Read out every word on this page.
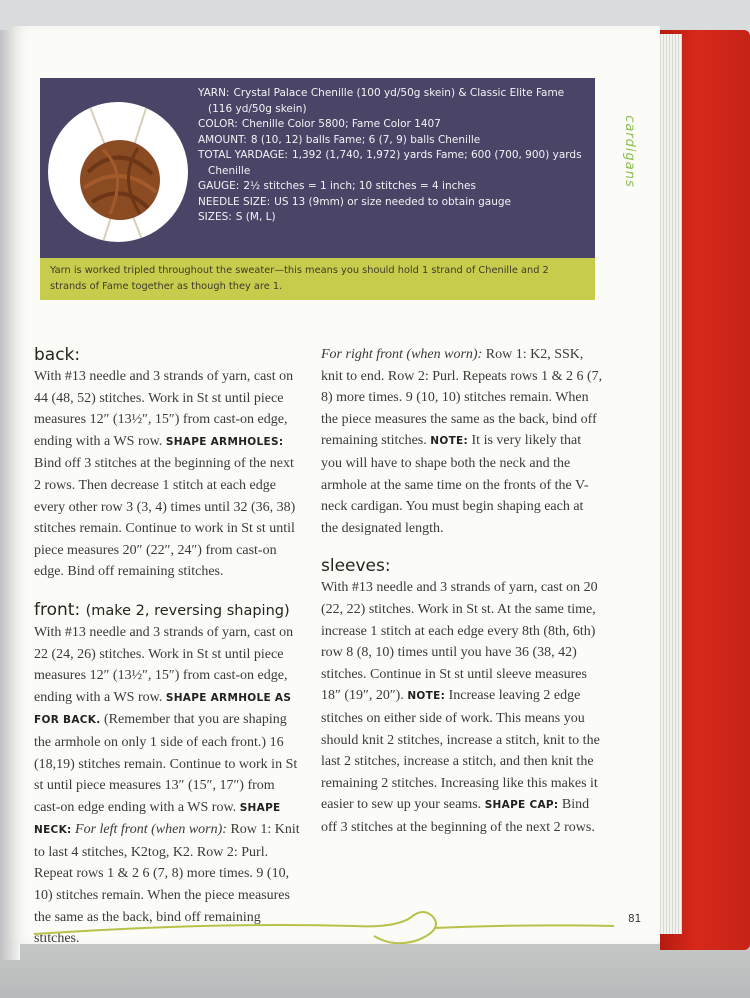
cardigans
YARN: Crystal Palace Chenille (100 yd/50g skein) & Classic Elite Fame (116 yd/50g skein)
COLOR: Chenille Color 5800; Fame Color 1407
AMOUNT: 8 (10, 12) balls Fame; 6 (7, 9) balls Chenille
TOTAL YARDAGE: 1,392 (1,740, 1,972) yards Fame; 600 (700, 900) yards Chenille
GAUGE: 2½ stitches = 1 inch; 10 stitches = 4 inches
NEEDLE SIZE: US 13 (9mm) or size needed to obtain gauge
SIZES: S (M, L)
Yarn is worked tripled throughout the sweater—this means you should hold 1 strand of Chenille and 2 strands of Fame together as though they are 1.
back:

With #13 needle and 3 strands of yarn, cast on 44 (48, 52) stitches. Work in St st until piece measures 12″ (13½″, 15″) from cast-on edge, ending with a WS row. SHAPE ARMHOLES: Bind off 3 stitches at the beginning of the next 2 rows. Then decrease 1 stitch at each edge every other row 3 (3, 4) times until 32 (36, 38) stitches remain. Continue to work in St st until piece measures 20″ (22″, 24″) from cast-on edge. Bind off remaining stitches.

front: (make 2, reversing shaping)

With #13 needle and 3 strands of yarn, cast on 22 (24, 26) stitches. Work in St st until piece measures 12″ (13½″, 15″) from cast-on edge, ending with a WS row. SHAPE ARMHOLE AS FOR BACK. (Remember that you are shaping the armhole on only 1 side of each front.) 16 (18,19) stitches remain. Continue to work in St st until piece measures 13″ (15″, 17″) from cast-on edge ending with a WS row. SHAPE NECK: For left front (when worn): Row 1: Knit to last 4 stitches, K2tog, K2. Row 2: Purl. Repeat rows 1 & 2 6 (7, 8) more times. 9 (10, 10) stitches remain. When the piece measures the same as the back, bind off remaining stitches.

For right front (when worn): Row 1: K2, SSK, knit to end. Row 2: Purl. Repeats rows 1 & 2 6 (7, 8) more times. 9 (10, 10) stitches remain. When the piece measures the same as the back, bind off remaining stitches. NOTE: It is very likely that you will have to shape both the neck and the armhole at the same time on the fronts of the V-neck cardigan. You must begin shaping each at the designated length.

sleeves:

With #13 needle and 3 strands of yarn, cast on 20 (22, 22) stitches. Work in St st. At the same time, increase 1 stitch at each edge every 8th (8th, 6th) row 8 (8, 10) times until you have 36 (38, 42) stitches. Continue in St st until sleeve measures 18″ (19″, 20″). NOTE: Increase leaving 2 edge stitches on either side of work. This means you should knit 2 stitches, increase a stitch, knit to the last 2 stitches, increase a stitch, and then knit the remaining 2 stitches. Increasing like this makes it easier to sew up your seams. SHAPE CAP: Bind off 3 stitches at the beginning of the next 2 rows.

81
